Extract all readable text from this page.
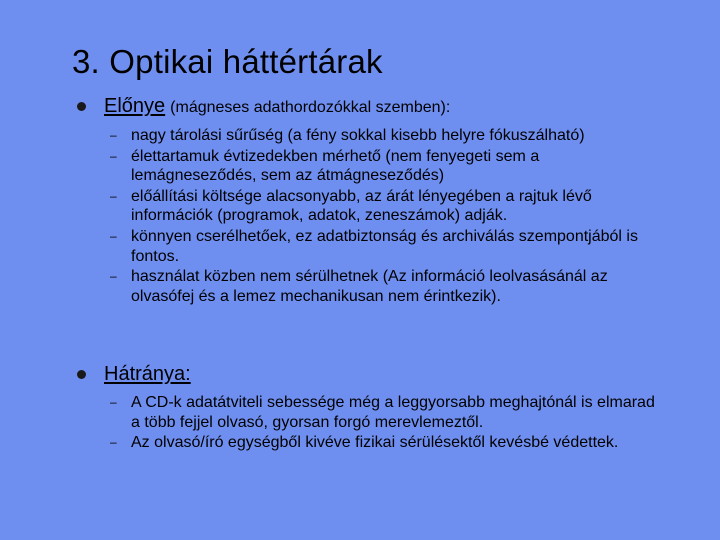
3. Optikai háttértárak
Előnye (mágneses adathordozókkal szemben):
– nagy tárolási sűrűség (a fény sokkal kisebb helyre fókuszálható)
– élettartamuk évtizedekben mérhető (nem fenyegeti sem a lemágneseződés, sem az átmágneseződés)
– előállítási költsége alacsonyabb, az árát lényegében a rajtuk lévő információk (programok, adatok, zeneszámok) adják.
– könnyen cserélhetőek, ez adatbiztonság és archiválás szempontjából is fontos.
– használat közben nem sérülhetnek (Az információ leolvasásánál az olvasófej és a lemez mechanikusan nem érintkezik).
Hátránya:
– A CD-k adatátviteli sebessége még a leggyorsabb meghajtónál is elmarad a több fejjel olvasó, gyorsan forgó merevlemeztől.
– Az olvasó/író egységből kivéve fizikai sérülésektől kevésbé védettek.
